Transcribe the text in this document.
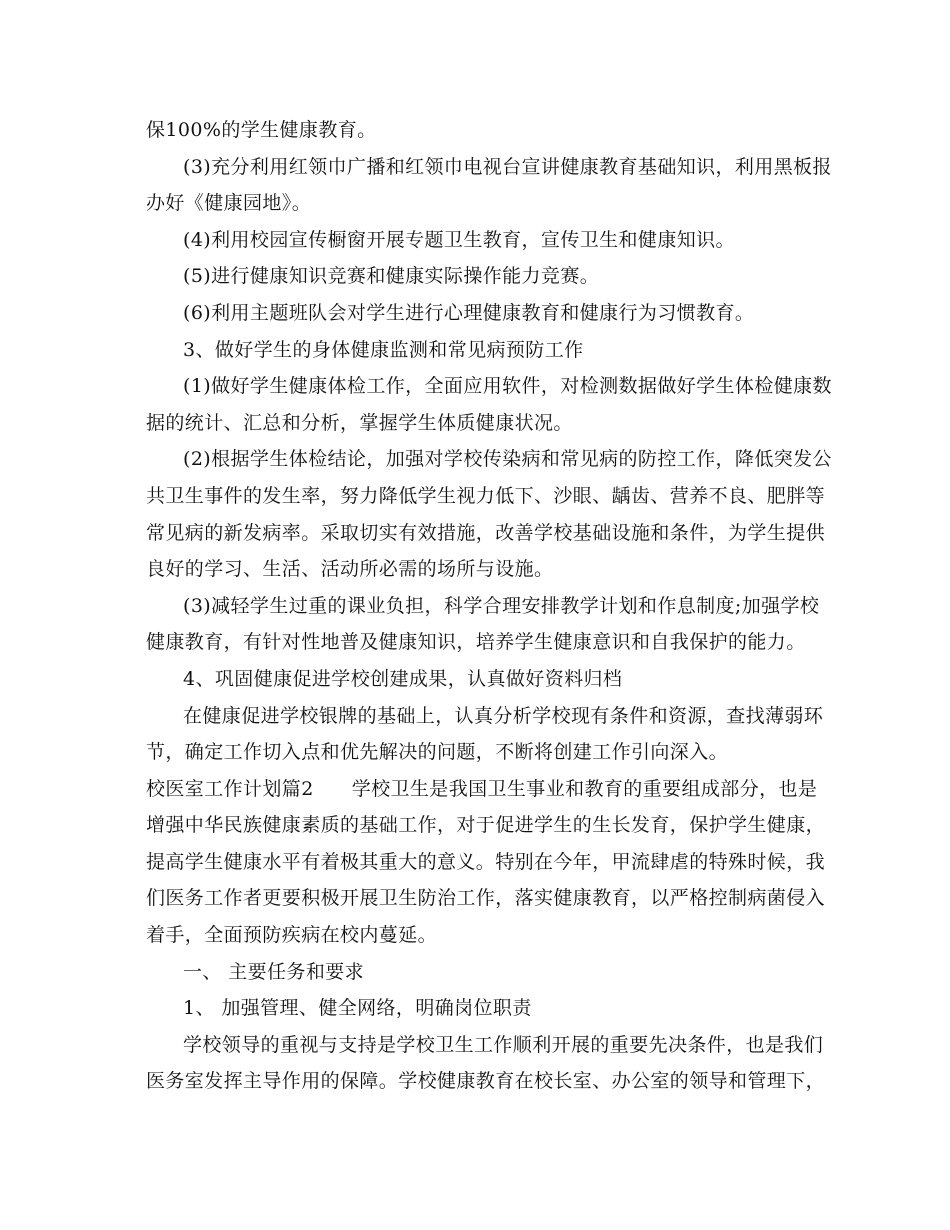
保100%的学生健康教育。
(3)充分利用红领巾广播和红领巾电视台宣讲健康教育基础知识，利用黑板报
办好《健康园地》。
(4)利用校园宣传橱窗开展专题卫生教育，宣传卫生和健康知识。
(5)进行健康知识竞赛和健康实际操作能力竞赛。
(6)利用主题班队会对学生进行心理健康教育和健康行为习惯教育。
3、做好学生的身体健康监测和常见病预防工作
(1)做好学生健康体检工作，全面应用软件，对检测数据做好学生体检健康数
据的统计、汇总和分析，掌握学生体质健康状况。
(2)根据学生体检结论，加强对学校传染病和常见病的防控工作，降低突发公
共卫生事件的发生率，努力降低学生视力低下、沙眼、龋齿、营养不良、肥胖等
常见病的新发病率。采取切实有效措施，改善学校基础设施和条件，为学生提供
良好的学习、生活、活动所必需的场所与设施。
(3)减轻学生过重的课业负担，科学合理安排教学计划和作息制度;加强学校
健康教育，有针对性地普及健康知识，培养学生健康意识和自我保护的能力。
4、巩固健康促进学校创建成果，认真做好资料归档
在健康促进学校银牌的基础上，认真分析学校现有条件和资源，查找薄弱环
节，确定工作切入点和优先解决的问题，不断将创建工作引向深入。
校医室工作计划篇2 学校卫生是我国卫生事业和教育的重要组成部分，也是
增强中华民族健康素质的基础工作，对于促进学生的生长发育，保护学生健康，
提高学生健康水平有着极其重大的意义。特别在今年，甲流肆虐的特殊时候，我
们医务工作者更要积极开展卫生防治工作，落实健康教育，以严格控制病菌侵入
着手，全面预防疾病在校内蔓延。
一、 主要任务和要求
1、 加强管理、健全网络，明确岗位职责
学校领导的重视与支持是学校卫生工作顺利开展的重要先决条件，也是我们
医务室发挥主导作用的保障。学校健康教育在校长室、办公室的领导和管理下，
